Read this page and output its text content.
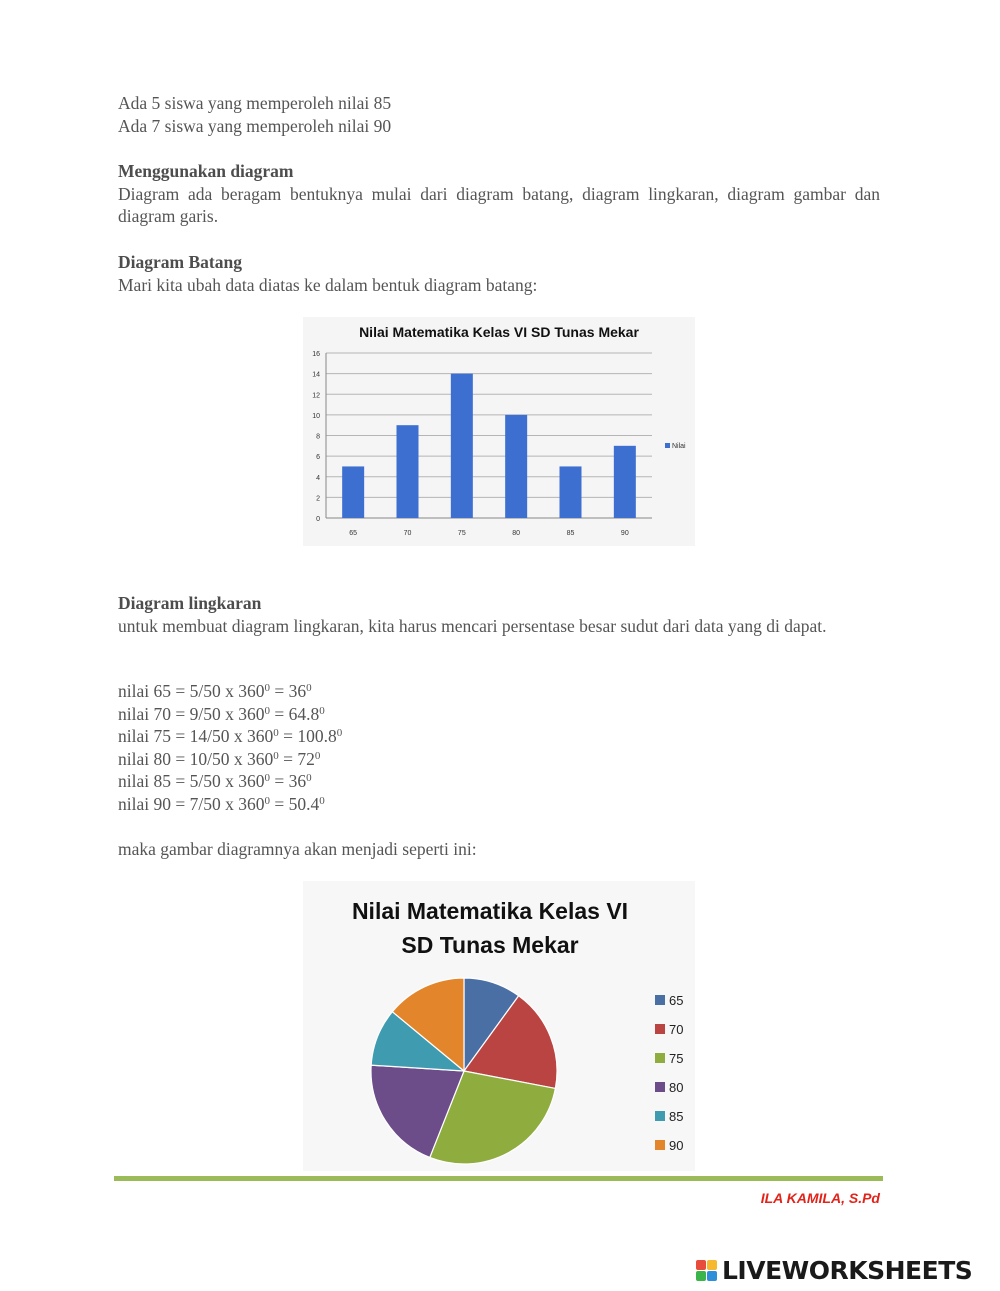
Ada 5 siswa yang memperoleh nilai 85
Ada 7 siswa yang memperoleh nilai 90
Menggunakan diagram
Diagram ada beragam bentuknya mulai dari diagram batang, diagram lingkaran, diagram gambar dan diagram garis.
Diagram Batang
Mari kita ubah data diatas ke dalam bentuk diagram batang:
Nilai Matematika Kelas VI SD Tunas Mekar
0
2
4
6
8
10
12
14
16
65	70	75	80	85	90
Nilai
Diagram lingkaran
untuk membuat diagram lingkaran, kita harus mencari persentase besar sudut dari data yang di dapat.
nilai 65 = 5/50 x $360^0 = 36^0$
nilai 70 = 9/50 x $360^0 = 64.8^0$
nilai 75 = 14/50 x $360^0 = 100.8^0$
nilai 80 = 10/50 x $360^0 = 72^0$
nilai 85 = 5/50 x $360^0 = 36^0$
nilai 90 = 7/50 x $360^0 = 50.4^0$
maka gambar diagramnya akan menjadi seperti ini:
Nilai Matematika Kelas VI
SD Tunas Mekar
65
70
75
80
85
90
ILA KAMILA, S.Pd
LIVEWORKSHEETS
